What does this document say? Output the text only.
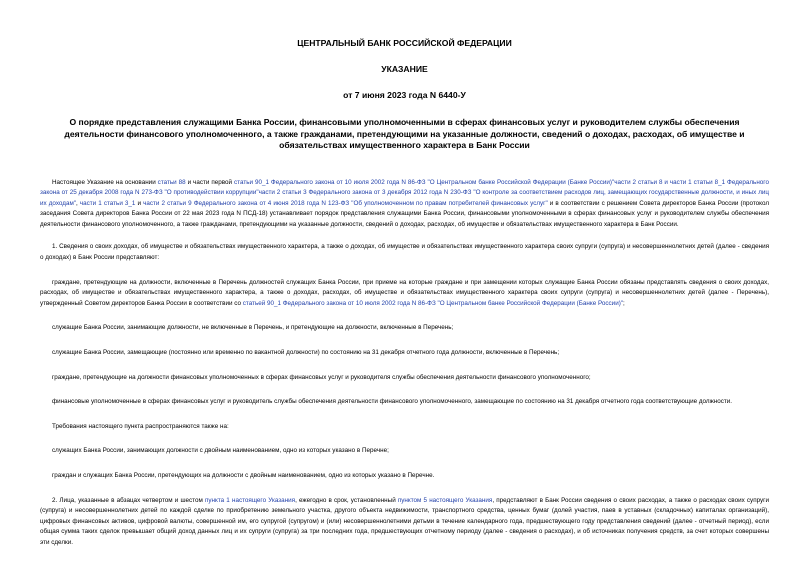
ЦЕНТРАЛЬНЫЙ БАНК РОССИЙСКОЙ ФЕДЕРАЦИИ
УКАЗАНИЕ
от 7 июня 2023 года N 6440-У
О порядке представления служащими Банка России, финансовыми уполномоченными в сферах финансовых услуг и руководителем службы обеспечения деятельности финансового уполномоченного, а также гражданами, претендующими на указанные должности, сведений о доходах, расходах, об имуществе и обязательствах имущественного характера в Банк России

Настоящее Указание на основании статьи 88 и части первой статьи 90_1 Федерального закона от 10 июля 2002 года N 86-ФЗ "О Центральном банке Российской Федерации (Банке России)"части 2 статьи 8 и части 1 статьи 8_1 Федерального закона от 25 декабря 2008 года N 273-ФЗ "О противодействии коррупции"части 2 статьи 3 Федерального закона от 3 декабря 2012 года N 230-ФЗ "О контроле за соответствием расходов лиц, замещающих государственные должности, и иных лиц их доходам", части 1 статьи 3_1 и части 2 статьи 9 Федерального закона от 4 июня 2018 года N 123-ФЗ "Об уполномоченном по правам потребителей финансовых услуг" и в соответствии с решением Совета директоров Банка России (протокол заседания Совета директоров Банка России от 22 мая 2023 года N ПСД-18) устанавливает порядок представления служащими Банка России, финансовыми уполномоченными в сферах финансовых услуг и руководителем службы обеспечения деятельности финансового уполномоченного, а также гражданами, претендующими на указанные должности, сведений о доходах, расходах, об имуществе и обязательствах имущественного характера в Банк России.

1. Сведения о своих доходах, об имуществе и обязательствах имущественного характера, а также о доходах, об имуществе и обязательствах имущественного характера своих супруги (супруга) и несовершеннолетних детей (далее - сведения о доходах) в Банк России представляют:

граждане, претендующие на должности, включенные в Перечень должностей служащих Банка России, при приеме на которые граждане и при замещении которых служащие Банка России обязаны представлять сведения о своих доходах, расходах, об имуществе и обязательствах имущественного характера, а также о доходах, расходах, об имуществе и обязательствах имущественного характера своих супруги (супруга) и несовершеннолетних детей (далее - Перечень), утвержденный Советом директоров Банка России в соответствии со статьей 90_1 Федерального закона от 10 июля 2002 года N 86-ФЗ "О Центральном банке Российской Федерации (Банке России)";

служащие Банка России, занимающие должности, не включенные в Перечень, и претендующие на должности, включенные в Перечень;

служащие Банка России, замещающие (постоянно или временно по вакантной должности) по состоянию на 31 декабря отчетного года должности, включенные в Перечень;

граждане, претендующие на должности финансовых уполномоченных в сферах финансовых услуг и руководителя службы обеспечения деятельности финансового уполномоченного;

финансовые уполномоченные в сферах финансовых услуг и руководитель службы обеспечения деятельности финансового уполномоченного, замещающие по состоянию на 31 декабря отчетного года соответствующие должности.

Требования настоящего пункта распространяются также на:

служащих Банка России, занимающих должности с двойным наименованием, одно из которых указано в Перечне;

граждан и служащих Банка России, претендующих на должности с двойным наименованием, одно из которых указано в Перечне.

2. Лица, указанные в абзацах четвертом и шестом пункта 1 настоящего Указания, ежегодно в срок, установленный пунктом 5 настоящего Указания, представляют в Банк России сведения о своих расходах, а также о расходах своих супруги (супруга) и несовершеннолетних детей по каждой сделке по приобретению земельного участка, другого объекта недвижимости, транспортного средства, ценных бумаг (долей участия, паев в уставных (складочных) капиталах организаций), цифровых финансовых активов, цифровой валюты, совершенной им, его супругой (супругом) и (или) несовершеннолетними детьми в течение календарного года, предшествующего году представления сведений (далее - отчетный период), если общая сумма таких сделок превышает общий доход данных лиц и их супруги (супруга) за три последних года, предшествующих отчетному периоду (далее - сведения о расходах), и об источниках получения средств, за счет которых совершены эти сделки.
